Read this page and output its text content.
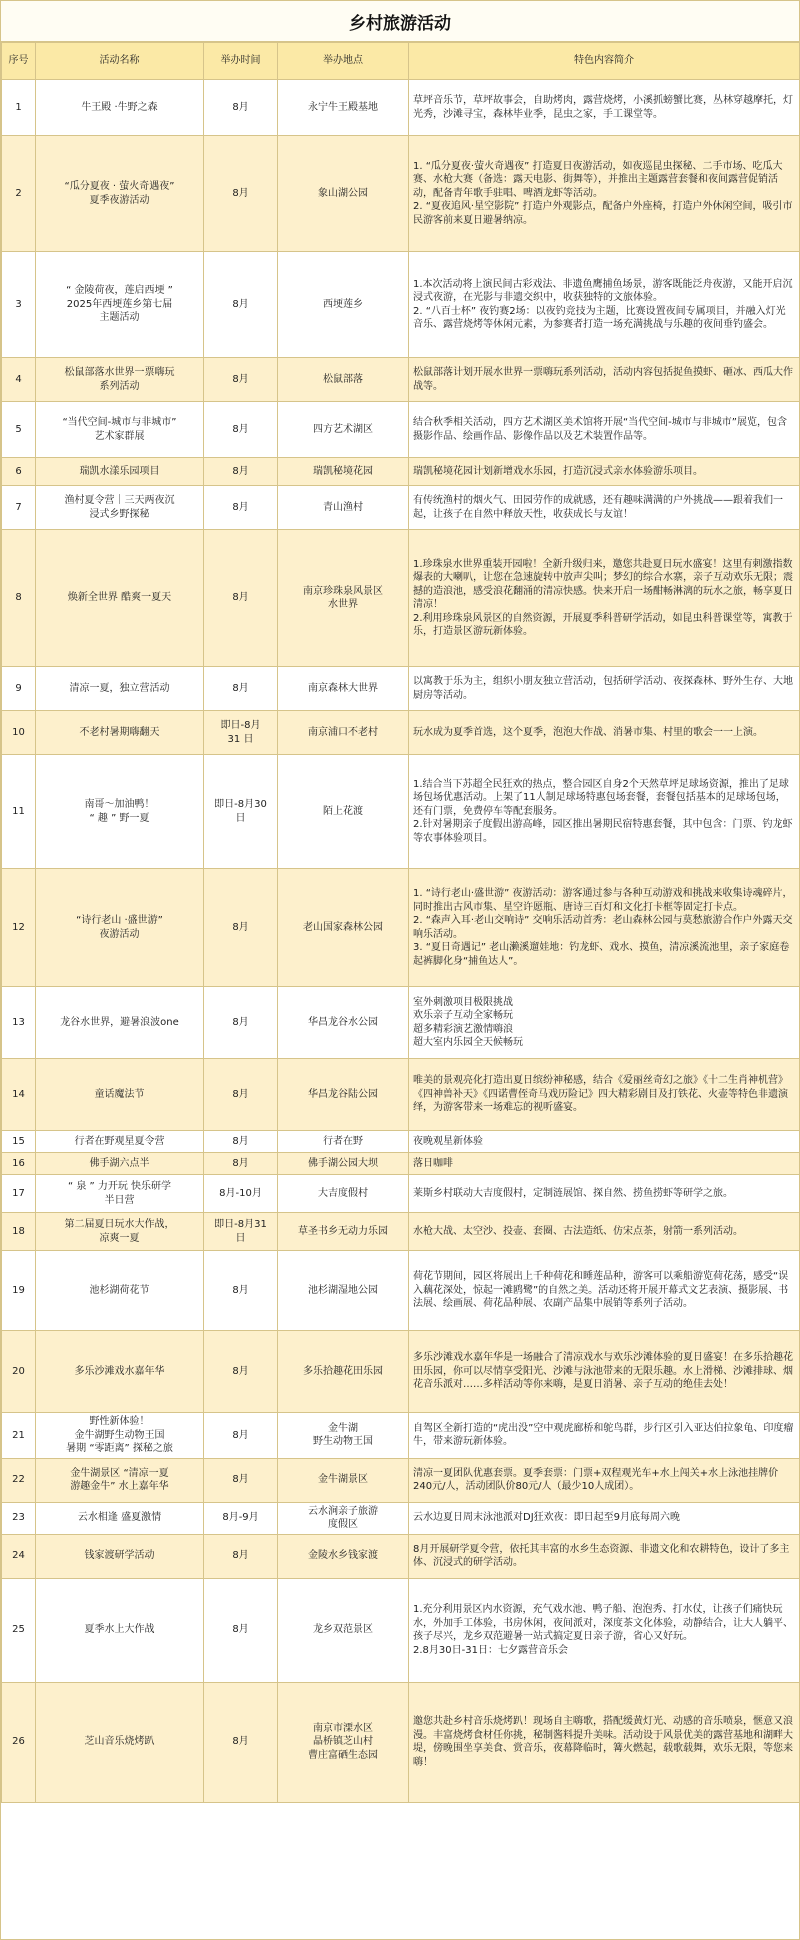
乡村旅游活动
序号	活动名称	举办时间	举办地点	特色内容简介
1	牛王殿 ·牛野之森	8月	永宁牛王殿基地	草坪音乐节，草坪故事会，自助烤肉，露营烧烤，小溪抓螃蟹比赛，丛林穿越摩托，灯光秀，沙滩寻宝，森林毕业季，昆虫之家，手工课堂等。
2	“瓜分夏夜 · 萤火奇遇夜”
夏季夜游活动	8月	象山湖公园	1. “瓜分夏夜·萤火奇遇夜” 打造夏日夜游活动，如夜巡昆虫探秘、二手市场、吃瓜大赛、水枪大赛（备选：露天电影、街舞等），并推出主题露营套餐和夜间露营促销活动，配备青年歌手驻唱、啤酒龙虾等活动。
2. “夏夜追风·星空影院” 打造户外观影点，配备户外座椅，打造户外休闲空间，吸引市民游客前来夏日避暑纳凉。
3	“ 金陵荷夜，莲启西埂 ”
2025年西埂莲乡第七届
主题活动	8月	西埂莲乡	1.本次活动将上演民间古彩戏法、非遗鱼鹰捕鱼场景，游客既能泛舟夜游，又能开启沉浸式夜游，在光影与非遗交织中，收获独特的文旅体验。
2. “八百士杯” 夜钓赛2场：以夜钓竞技为主题，比赛设置夜间专属项目，并融入灯光音乐、露营烧烤等休闲元素，为参赛者打造一场充满挑战与乐趣的夜间垂钓盛会。
4	松鼠部落水世界一票嗨玩
系列活动	8月	松鼠部落	松鼠部落计划开展水世界一票嗨玩系列活动，活动内容包括捉鱼摸虾、砸冰、西瓜大作战等。
5	“当代空间-城市与非城市”
艺术家群展	8月	四方艺术湖区	结合秋季相关活动，四方艺术湖区美术馆将开展“当代空间-城市与非城市”展览，包含摄影作品、绘画作品、影像作品以及艺术装置作品等。
6	瑞凯水漾乐园项目	8月	瑞凯秘境花园	瑞凯秘境花园计划新增戏水乐园，打造沉浸式亲水体验游乐项目。
7	渔村夏令营｜三天两夜沉
浸式乡野探秘	8月	青山渔村	有传统渔村的烟火气、田园劳作的成就感，还有趣味满满的户外挑战——跟着我们一起，让孩子在自然中释放天性，收获成长与友谊！
8	焕新全世界 酷爽一夏天	8月	南京珍珠泉风景区
水世界	1.珍珠泉水世界重装开园啦！全新升级归来，邀您共赴夏日玩水盛宴！这里有刺激指数爆表的大喇叭，让您在急速旋转中放声尖叫；梦幻的综合水寨，亲子互动欢乐无限；震撼的造浪池，感受浪花翻涌的清凉快感。快来开启一场酣畅淋漓的玩水之旅，畅享夏日清凉！
2.利用珍珠泉风景区的自然资源，开展夏季科普研学活动，如昆虫科普课堂等，寓教于乐，打造景区游玩新体验。
9	清凉一夏，独立营活动	8月	南京森林大世界	以寓教于乐为主，组织小朋友独立营活动，包括研学活动、夜探森林、野外生存、大地厨房等活动。
10	不老村暑期嗨翻天	即日-8月
31 日	南京浦口不老村	玩水成为夏季首选，这个夏季，泡泡大作战、消暑市集、村里的歌会一一上演。
11	南哥～加油鸭！
“ 趣 ” 野一夏	即日-8月30
日	陌上花渡	1.结合当下苏超全民狂欢的热点，整合园区自身2个天然草坪足球场资源，推出了足球场包场优惠活动。上架了11人制足球场特惠包场套餐，套餐包括基本的足球场包场，还有门票，免费停车等配套服务。
2.针对暑期亲子度假出游高峰，园区推出暑期民宿特惠套餐，其中包含：门票、钓龙虾等农事体验项目。
12	“诗行老山 ·盛世游”
夜游活动	8月	老山国家森林公园	1. “诗行老山·盛世游” 夜游活动：游客通过参与各种互动游戏和挑战来收集诗魂碎片，同时推出古风市集、星空许愿瓶、唐诗三百灯和文化打卡框等固定打卡点。
2. “森声入耳·老山交响诗” 交响乐活动首秀：老山森林公园与莫愁旅游合作户外露天交响乐活动。
3. “夏日奇遇记” 老山濑溪遛娃地：钓龙虾、戏水、摸鱼，清凉溪流池里，亲子家庭卷起裤脚化身“捕鱼达人”。
13	龙谷水世界，避暑浪波one	8月	华昌龙谷水公园	室外刺激项目极限挑战
欢乐亲子互动全家畅玩
超多精彩演艺激情嗨浪
超大室内乐园全天候畅玩
14	童话魔法节	8月	华昌龙谷陆公园	唯美的景观亮化打造出夏日缤纷神秘感，结合《爱丽丝奇幻之旅》《十二生肖神机营》《四神兽补天》《四诺曹侄奇马戏历险记》四大精彩剧目及打铁花、火壶等特色非遗演绎，为游客带来一场难忘的视听盛宴。
15	行者在野观星夏令营	8月	行者在野	夜晚观星新体验
16	佛手湖六点半	8月	佛手湖公园大坝	落日咖啡
17	“ 泉 ” 力开玩 快乐研学
半日营	8月-10月	大吉度假村	莱斯乡村联动大吉度假村，定制涟展馆、探自然、捞鱼捞虾等研学之旅。
18	第二届夏日玩水大作战，
凉爽一夏	即日-8月31
日	草圣书乡无动力乐园	水枪大战、太空沙、投壶、套圈、古法造纸、仿宋点茶，射箭一系列活动。
19	池杉湖荷花节	8月	池杉湖湿地公园	荷花节期间，园区将展出上千种荷花和睡莲品种，游客可以乘船游览荷花荡，感受“误入藕花深处，惊起一滩鸥鹭”的自然之美。活动还将开展开幕式文艺表演、摄影展、书法展、绘画展、荷花品种展、农副产品集中展销等系列子活动。
20	多乐沙滩戏水嘉年华	8月	多乐拾趣花田乐园	多乐沙滩戏水嘉年华是一场融合了清凉戏水与欢乐沙滩体验的夏日盛宴！在多乐拾趣花田乐园，你可以尽情享受阳光、沙滩与泳池带来的无限乐趣。水上滑梯、沙滩排球、烟花音乐派对……多样活动等你来嗨，是夏日消暑、亲子互动的绝佳去处！
21	野性新体验！
金牛湖野生动物王国
暑期 “零距离” 探秘之旅	8月	金牛湖
野生动物王国	自驾区全新打造的“虎出没”空中观虎廊桥和鸵鸟群，步行区引入亚达伯拉象龟、印度瘤牛，带来游玩新体验。
22	金牛湖景区 “清凉一夏
游趣金牛” 水上嘉年华	8月	金牛湖景区	清凉一夏团队优惠套票。夏季套票：门票+双程观光车+水上闯关+水上泳池挂牌价240元/人，活动团队价80元/人（最少10人成团）。
23	云水相逢 盛夏激情	8月-9月	云水涧亲子旅游
度假区	云水边夏日周末泳池派对DJ狂欢夜：即日起至9月底每周六晚
24	钱家渡研学活动	8月	金陵水乡钱家渡	8月开展研学夏令营，依托其丰富的水乡生态资源、非遗文化和农耕特色，设计了多主体、沉浸式的研学活动。
25	夏季水上大作战	8月	龙乡双范景区	1.充分利用景区内水资源，充气戏水池、鸭子船、泡泡秀、打水仗，让孩子们痛快玩水，外加手工体验，书房休闲，夜间派对，深度茶文化体验，动静结合，让大人躺平、孩子尽兴，龙乡双范避暑一站式搞定夏日亲子游，省心又好玩。
2.8月30日-31日：七夕露营音乐会
26	芝山音乐烧烤趴	8月	南京市溧水区
晶桥镇芝山村
曹庄富硒生态园	邀您共赴乡村音乐烧烤趴！现场自主嗨歌，搭配缓黄灯光、动感的音乐喷泉，惬意又浪漫。丰富烧烤食材任你挑，秘制酱料提升美味。活动设于风景优美的露营基地和湖畔大堤，傍晚围坐享美食、赏音乐，夜幕降临时，篝火燃起，载歌载舞，欢乐无限，等您来嗨！
